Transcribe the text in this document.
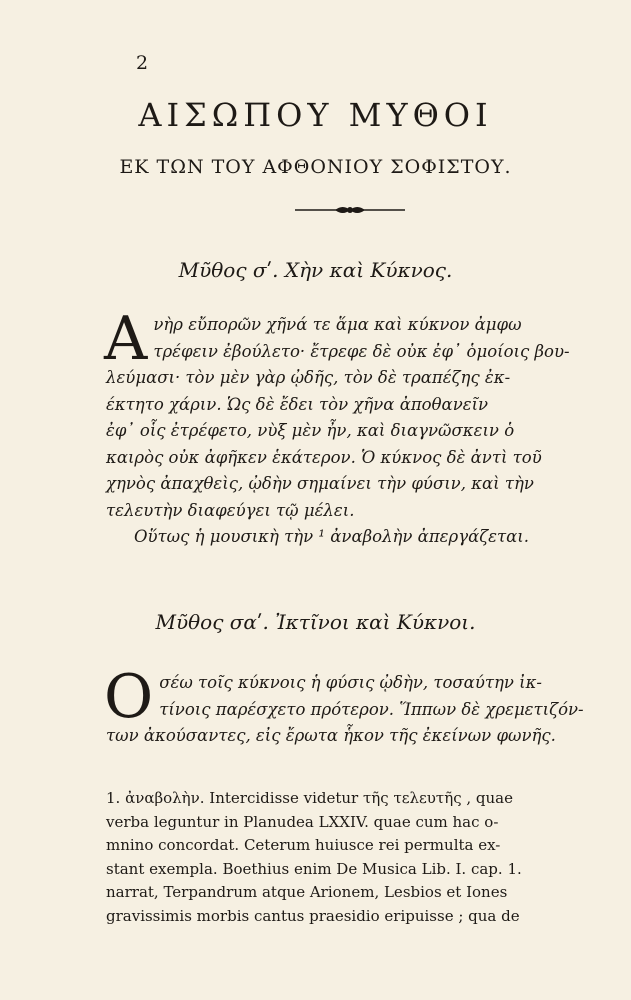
2
ΑΙΣΩΠΟΥ ΜΥΘΟΙ
ΕΚ ΤΩΝ ΤΟΥ ΑΦΘΟΝΙΟΥ ΣΟΦΙΣΤΟΥ.
Μῦθος σʹ. Χὴν καὶ Κύκνος.
Α νὴρ εὔπορῶν χῆνά τε ἅμα καὶ κύκνον ἀμφω
τρέφειν ἐβούλετο· ἔτρεφε δὲ οὐκ ἐφ᾽ ὁμοίοις βου-
λεύμασι· τὸν μὲν γὰρ ᾠδῆς, τὸν δὲ τραπέζης ἐκ-
έκτητο χάριν. Ὡς δὲ ἔδει τὸν χῆνα ἀποθανεῖν
ἐφ᾽ οἷς ἐτρέφετο, νὺξ μὲν ἦν, καὶ διαγνῶσκειν ὁ
καιρὸς οὐκ ἀφῆκεν ἑκάτερον. Ὁ κύκνος δὲ ἀντὶ τοῦ
χηνὸς ἀπαχθεὶς, ᾠδὴν σημαίνει τὴν φύσιν, καὶ τὴν
τελευτὴν διαφεύγει τῷ μέλει.
Οὕτως ἡ μουσικὴ τὴν ¹ ἀναβολὴν ἀπεργάζεται.
Μῦθος σαʹ. Ἰκτῖνοι καὶ Κύκνοι.
Ο σέω τοῖς κύκνοις ἡ φύσις ᾠδὴν, τοσαύτην ἰκ-
τίνοις παρέσχετο πρότερον. Ἵππων δὲ χρεμετιζόν-
των ἀκούσαντες, εἰς ἔρωτα ἧκον τῆς ἐκείνων φωνῆς.
1. ἀναβολὴν. Intercidisse videtur τῆς τελευτῆς , quae
verba leguntur in Planudea LXXIV. quae cum hac o-
mnino concordat. Ceterum huiusce rei permulta ex-
stant exempla. Boethius enim De Musica Lib. I. cap. 1.
narrat, Terpandrum atque Arionem, Lesbios et Iones
gravissimis morbis cantus praesidio eripuisse ; qua de
